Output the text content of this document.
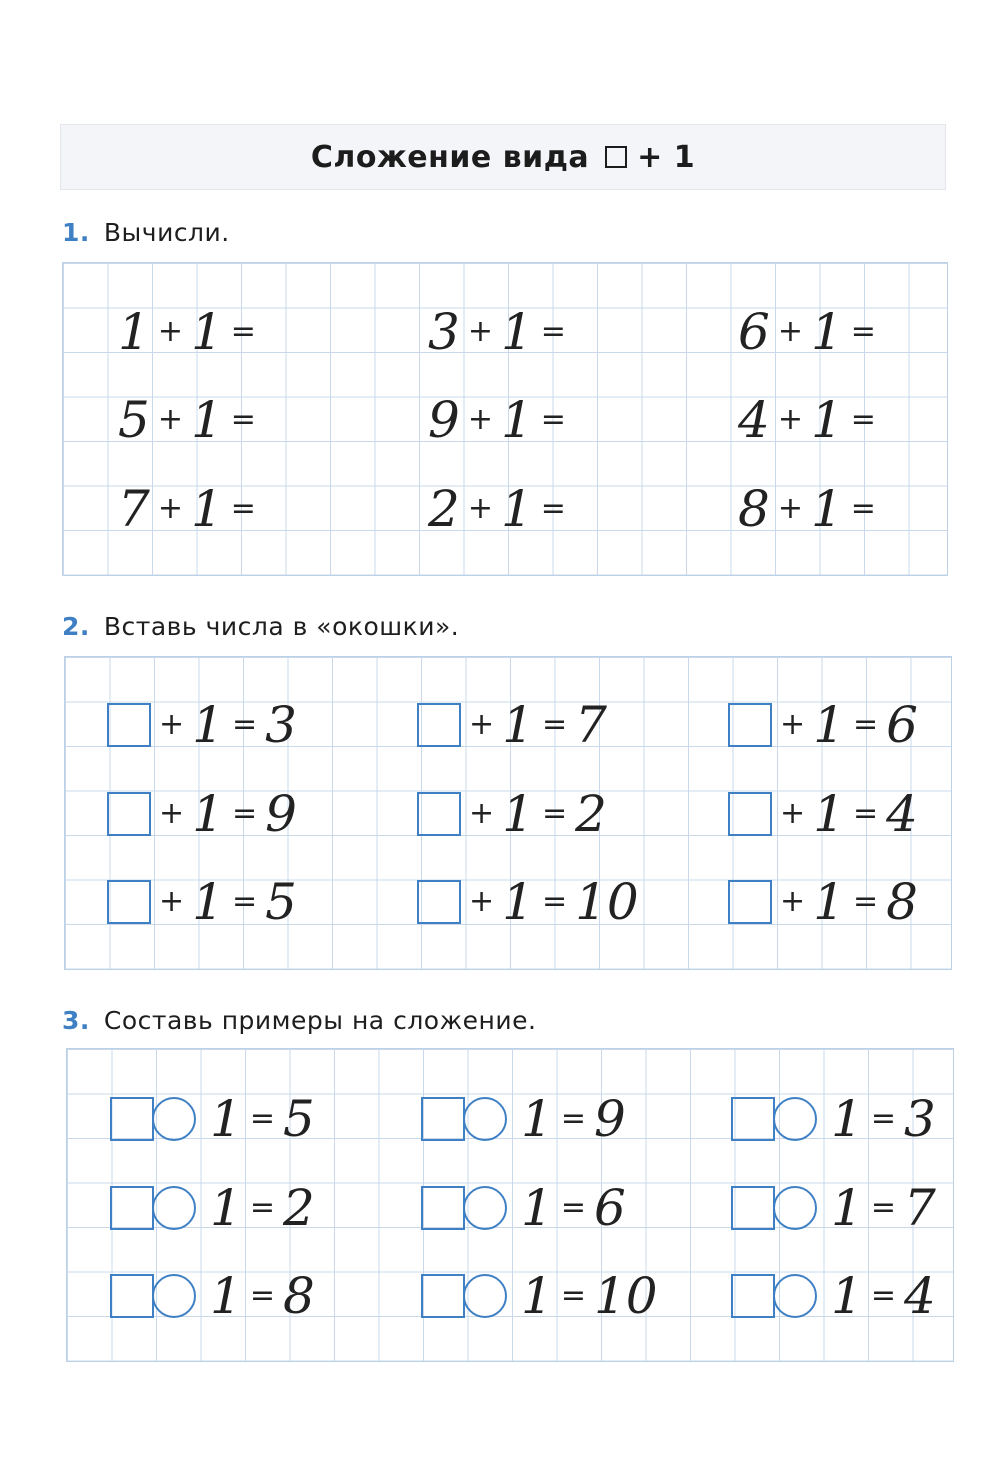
Сложение вида + 1
1. Вычисли.
1 + 1 =	3 + 1 =	6 + 1 =
5 + 1 =	9 + 1 =	4 + 1 =
7 + 1 =	2 + 1 =	8 + 1 =
2. Вставь числа в «окошки».
+ 1 = 3	+ 1 = 7	+ 1 = 6
+ 1 = 9	+ 1 = 2	+ 1 = 4
+ 1 = 5	+ 1 = 10	+ 1 = 8
3. Составь примеры на сложение.
1 = 5	1 = 9	1 = 3
1 = 2	1 = 6	1 = 7
1 = 8	1 = 10	1 = 4
